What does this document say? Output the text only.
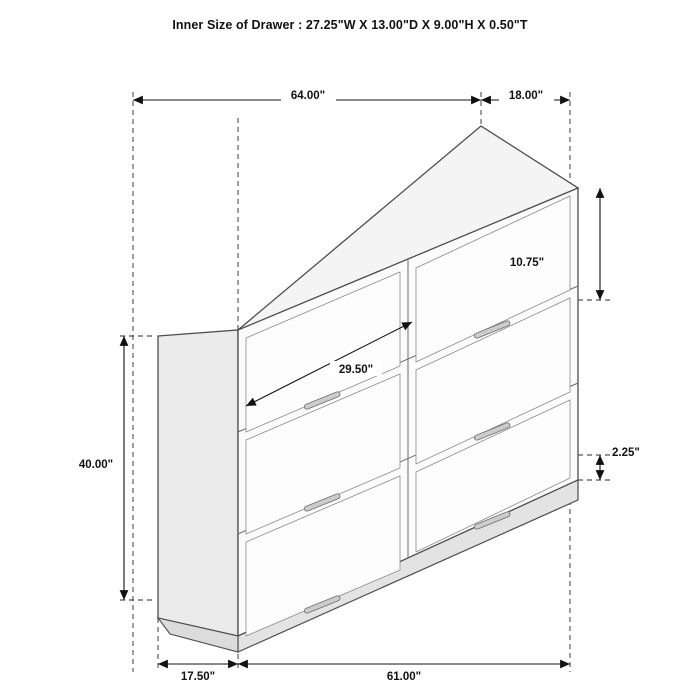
Inner Size of Drawer : 27.25"W X 13.00"D X 9.00"H X 0.50"T
64.00"	18.00"
10.75"
2.25"
40.00"
29.50"
17.50"	61.00"
